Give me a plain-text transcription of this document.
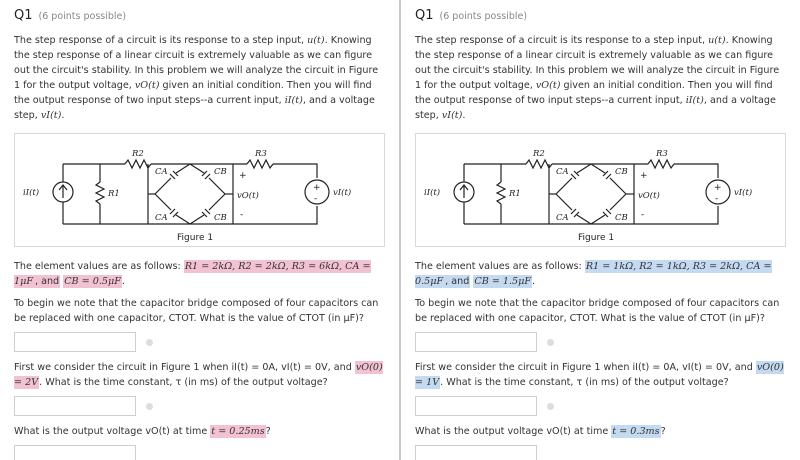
Q1 (6 points possible)

The step response of a circuit is its response to a step input, u(t). Knowing the step response of a linear circuit is extremely valuable as we can figure out the circuit's stability. In this problem we will analyze the circuit in Figure 1 for the output voltage, vO(t) given an initial condition. Then you will find the output response of two input steps--a current input, iI(t), and a voltage step, vI(t).

iI(t)	R1
R2	R3
CA	CB
CA	CB
vO(t)	vI(t)
+
-
+
-
Figure 1

The element values are as follows: R1 = 2kΩ, R2 = 2kΩ, R3 = 6kΩ, CA = 1μF , and CB = 0.5μF.

To begin we note that the capacitor bridge composed of four capacitors can be replaced with one capacitor, CTOT. What is the value of CTOT (in μF)?

First we consider the circuit in Figure 1 when iI(t) = 0A, vI(t) = 0V, and vO(0) = 2V. What is the time constant, τ (in ms) of the output voltage?

What is the output voltage vO(t) at time t = 0.25ms?

Q1 (6 points possible)

The step response of a circuit is its response to a step input, u(t). Knowing the step response of a linear circuit is extremely valuable as we can figure out the circuit's stability. In this problem we will analyze the circuit in Figure 1 for the output voltage, vO(t) given an initial condition. Then you will find the output response of two input steps--a current input, iI(t), and a voltage step, vI(t).

iI(t)	R1
R2	R3
CA	CB
CA	CB
vO(t)	vI(t)
+
-
+
-
Figure 1

The element values are as follows: R1 = 1kΩ, R2 = 1kΩ, R3 = 2kΩ, CA = 0.5μF , and CB = 1.5μF.

To begin we note that the capacitor bridge composed of four capacitors can be replaced with one capacitor, CTOT. What is the value of CTOT (in μF)?

First we consider the circuit in Figure 1 when iI(t) = 0A, vI(t) = 0V, and vO(0) = 1V. What is the time constant, τ (in ms) of the output voltage?

What is the output voltage vO(t) at time t = 0.3ms?
